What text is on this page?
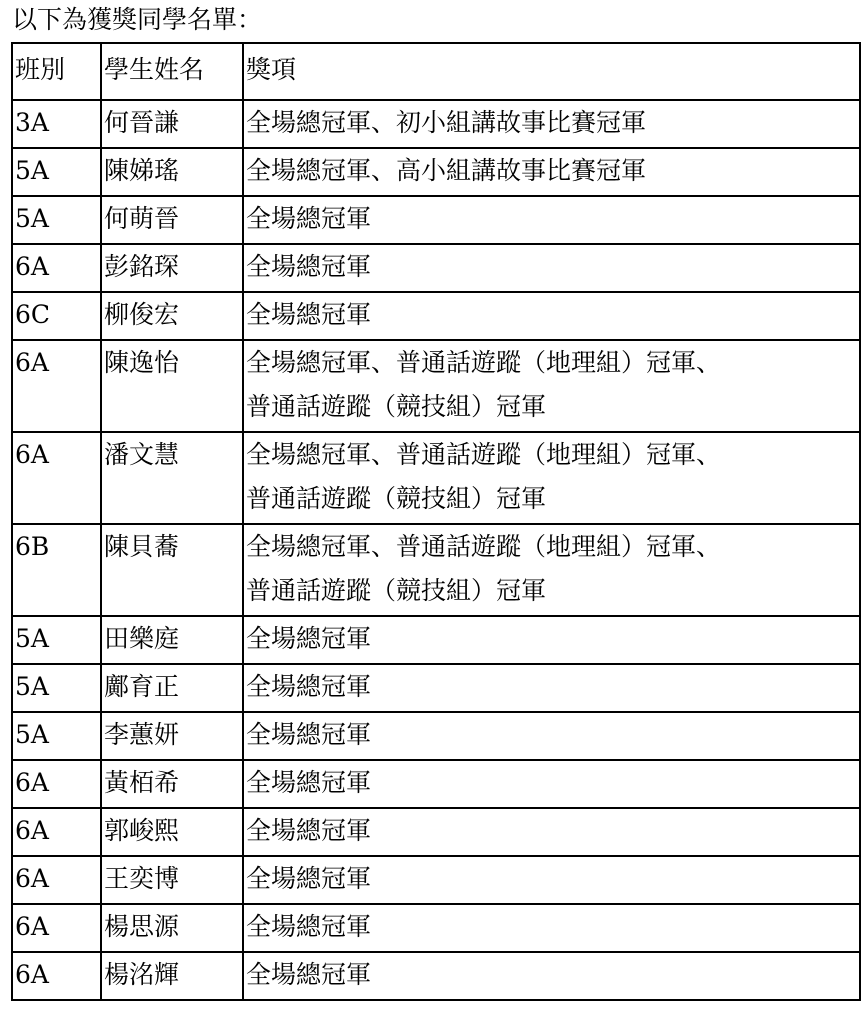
以下為獲獎同學名單：
班別	學生姓名	獎項
3A	何晉謙	全場總冠軍、初小組講故事比賽冠軍

5A	陳娣瑤	全場總冠軍、高小組講故事比賽冠軍

5A	何萌晉	全場總冠軍

6A	彭銘琛	全場總冠軍

6C	柳俊宏	全場總冠軍

6A	陳逸怡	全場總冠軍、普通話遊蹤（地理組）冠軍、
普通話遊蹤（競技組）冠軍

6A	潘文慧	全場總冠軍、普通話遊蹤（地理組）冠軍、
普通話遊蹤（競技組）冠軍

6B	陳貝蕎	全場總冠軍、普通話遊蹤（地理組）冠軍、
普通話遊蹤（競技組）冠軍

5A	田樂庭	全場總冠軍

5A	鄺育正	全場總冠軍

5A	李蕙妍	全場總冠軍

6A	黃栢希	全場總冠軍

6A	郭峻熙	全場總冠軍

6A	王奕博	全場總冠軍

6A	楊思源	全場總冠軍

6A	楊洺輝	全場總冠軍
